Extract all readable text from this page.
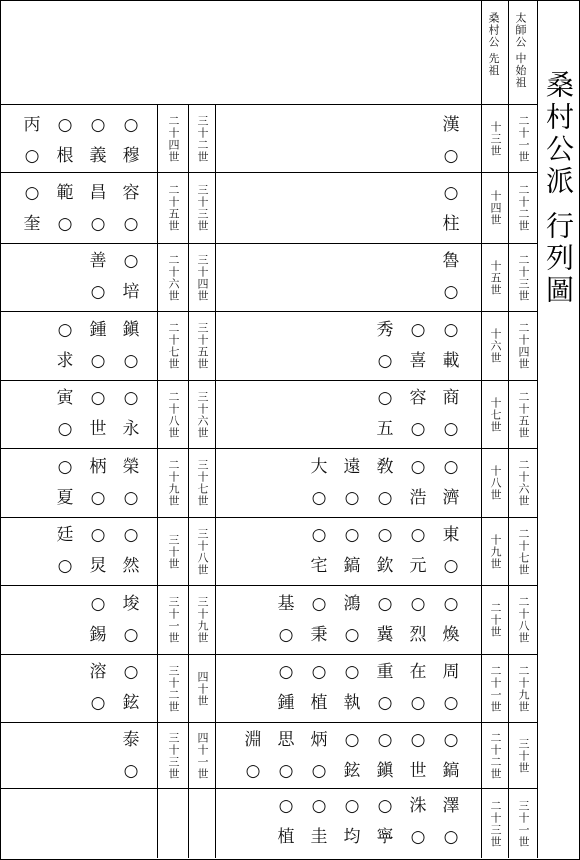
桑村公派 行列圖
太師公 中始祖
桑村公 先祖
二十一世
十三世
二十二世
十四世
二十三世
十五世
二十四世
十六世
二十五世
十七世
二十六世
十八世
二十七世
十九世
二十八世
二十世
二十九世
二十一世
三十世
二十二世
三十一世
二十三世
三十二世
二十四世
三十三世
二十五世
三十四世
二十六世
三十五世
二十七世
三十六世
二十八世
三十七世
二十九世
三十八世
三十世
三十九世
三十一世
四十世
三十二世
四十一世
三十三世
漢
○
○
柱
魯
○
○
載
○
喜
秀
○
商
○
容
○
○
五
○
濟
○
浩
敎
○
遠
○
大
○
東
○
○
元
○
欽
○
鎬
○
宅
○
煥
○
烈
○
冀
鴻
○
○
秉
基
○
周
○
在
○
重
○
○
執
○
植
○
鍾
○
鎬
○
世
○
鎭
○
鉉
炳
○
思
○
淵
○
澤
○
洙
○
○
寧
○
均
○
圭
○
植
○
穆
○
義
○
根
丙
○
容
○
昌
○
範
○
○
奎
○
培
善
○
鎭
○
鍾
○
○
求
○
永
○
世
寅
○
榮
○
柄
○
○
夏
○
然
○
炅
廷
○
埈
○
○
錫
○
鉉
溶
○
泰
○
